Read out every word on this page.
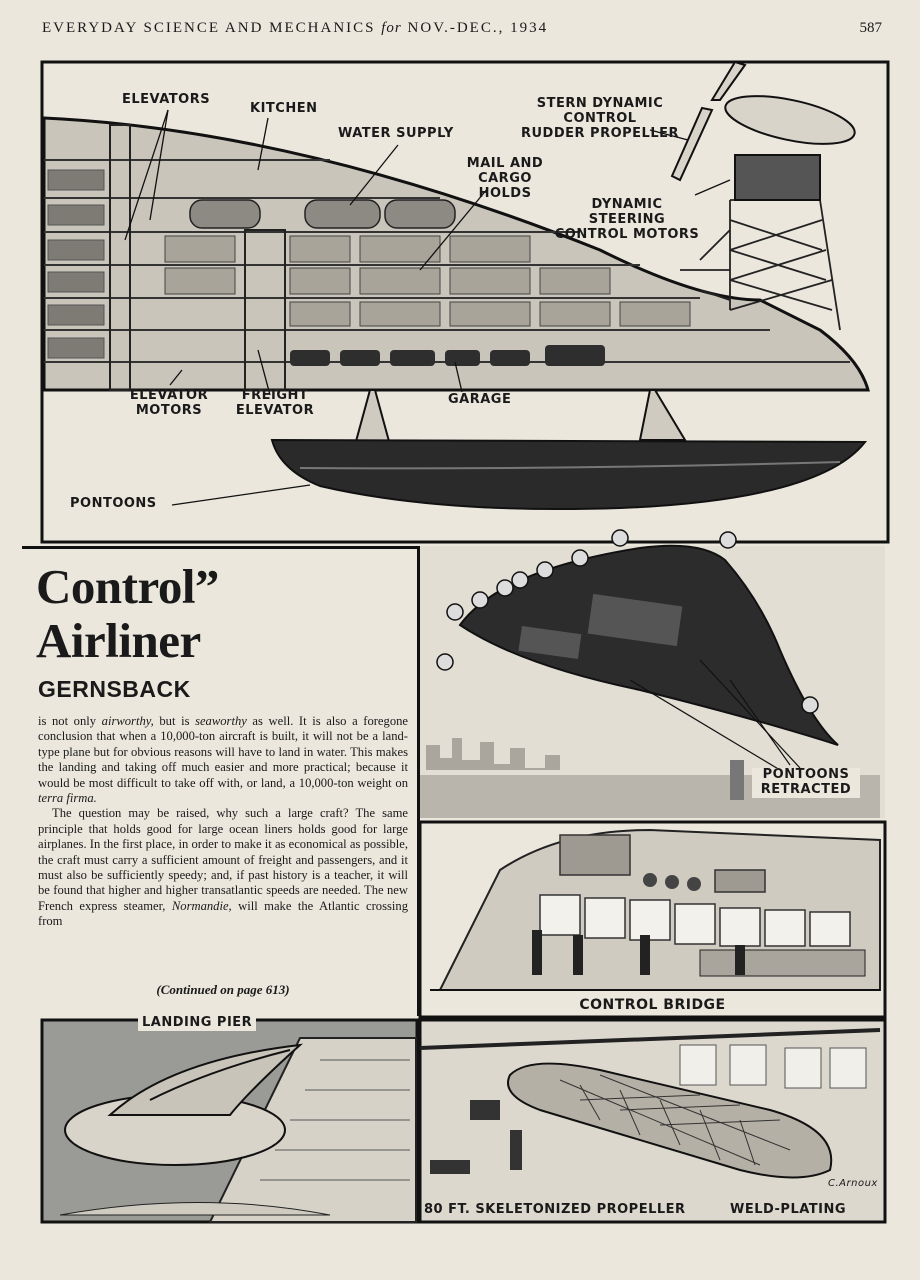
EVERYDAY SCIENCE AND MECHANICS for NOV.-DEC., 1934	587
ELEVATORS
KITCHEN
WATER SUPPLY
MAIL AND CARGO
HOLDS
STERN DYNAMIC CONTROL
RUDDER PROPELLER
DYNAMIC STEERING
CONTROL MOTORS
ELEVATOR
MOTORS
FREIGHT
ELEVATOR
GARAGE
PONTOONS
Control”
Airliner
GERNSBACK

is not only airworthy, but is seaworthy as well. It is also a foregone conclusion that when a 10,000-ton aircraft is built, it will not be a land-type plane but for obvious reasons will have to land in water. This makes the landing and taking off much easier and more practical; because it would be most difficult to take off with, or land, a 10,000-ton weight on terra firma.

The question may be raised, why such a large craft? The same principle that holds good for large ocean liners holds good for large airplanes. In the first place, in order to make it as economical as possible, the craft must carry a sufficient amount of freight and passengers, and it must also be sufficiently speedy; and, if past history is a teacher, it will be found that higher and higher transatlantic speeds are needed. The new French express steamer, Normandie, will make the Atlantic crossing from

(Continued on page 613)
PONTOONS
RETRACTED
CONTROL BRIDGE
LANDING PIER
80 FT. SKELETONIZED PROPELLER	WELD-PLATING
C.Arnoux
